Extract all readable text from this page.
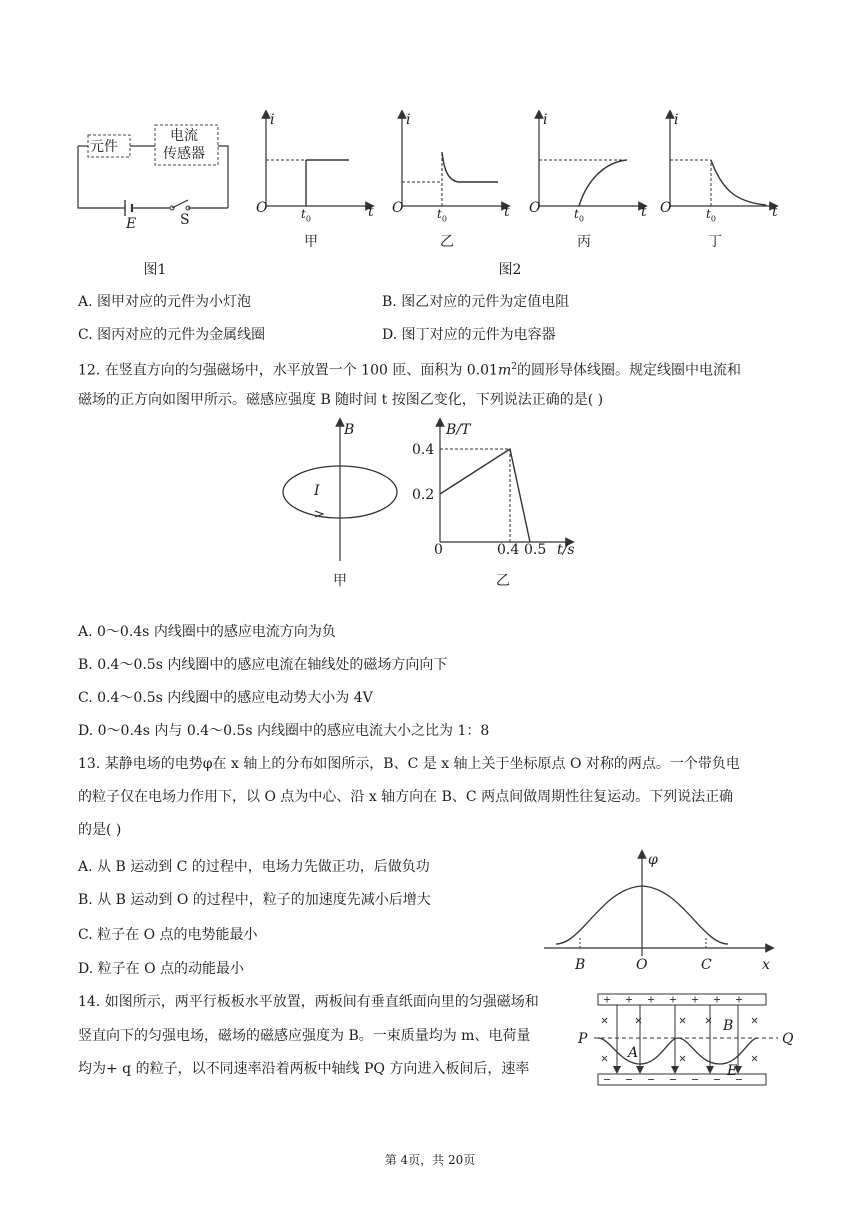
元件
电流
传感器
E	S
图1
i	i	i	i
O	O	O	O
t	t	t	t
$t_0$	$t_0$	$t_0$	$t_0$
甲	乙	丙	丁
图2
A. 图甲对应的元件为小灯泡	B. 图乙对应的元件为定值电阻
C. 图丙对应的元件为金属线圈	D. 图丁对应的元件为电容器
12. 在竖直方向的匀强磁场中，水平放置一个 100 匝、面积为 $0.01m^2$的圆形导体线圈。规定线圈中电流和
磁场的正方向如图甲所示。磁感应强度 B 随时间 t 按图乙变化，下列说法正确的是( )
B
I
甲
B/T
0.4
0.2
0	0.4 0.5 t/s
乙
A. 0～0.4s 内线圈中的感应电流方向为负
B. 0.4～0.5s 内线圈中的感应电流在轴线处的磁场方向向下
C. 0.4～0.5s 内线圈中的感应电动势大小为 4V
D. 0～0.4s 内与 0.4～0.5s 内线圈中的感应电流大小之比为 1：8
13. 某静电场的电势φ在 x 轴上的分布如图所示，B、C 是 x 轴上关于坐标原点 O 对称的两点。一个带负电
的粒子仅在电场力作用下，以 O 点为中心、沿 x 轴方向在 B、C 两点间做周期性往复运动。下列说法正确
的是( )
A. 从 B 运动到 C 的过程中，电场力先做正功，后做负功
B. 从 B 运动到 O 的过程中，粒子的加速度先减小后增大
C. 粒子在 O 点的电势能最小
D. 粒子在 O 点的动能最小
φ
B	O	C	x
14. 如图所示，两平行板板水平放置，两板间有垂直纸面向里的匀强磁场和
竖直向下的匀强电场，磁场的磁感应强度为 B。一束质量均为 m、电荷量
均为+ q 的粒子，以不同速率沿着两板中轴线 PQ 方向进入板间后，速率
P	Q
A
B
E
第 4页，共 20页
